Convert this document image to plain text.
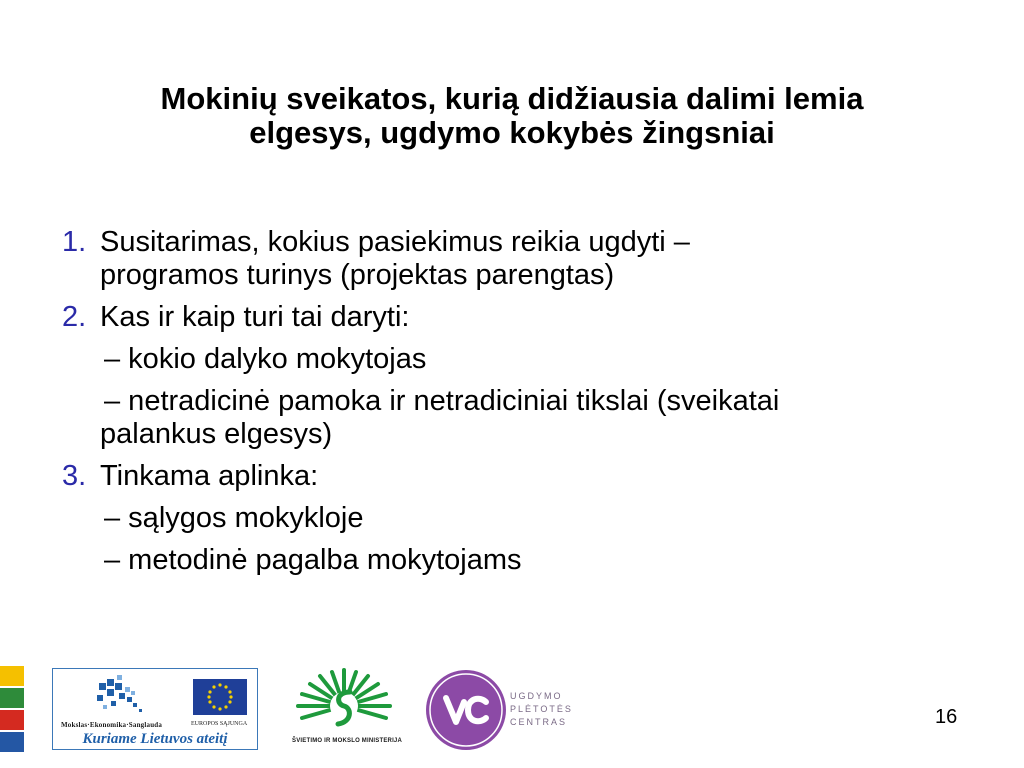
Mokinių sveikatos, kurią didžiausia dalimi lemia
elgesys, ugdymo kokybės žingsniai
1. Susitarimas, kokius pasiekimus reikia ugdyti –
programos turinys (projektas parengtas)
2. Kas ir kaip turi tai daryti:
– kokio dalyko mokytojas
– netradicinė pamoka ir netradiciniai tikslai (sveikatai
palankus elgesys)
3. Tinkama aplinka:
– sąlygos mokykloje
– metodinė pagalba mokytojams
Mokslas·Ekonomika·Sanglauda	EUROPOS SĄJUNGA
Kuriame Lietuvos ateitį	ŠVIETIMO IR MOKSLO MINISTERIJA
UGDYMO
PLĖTOTĖS
CENTRAS	16
